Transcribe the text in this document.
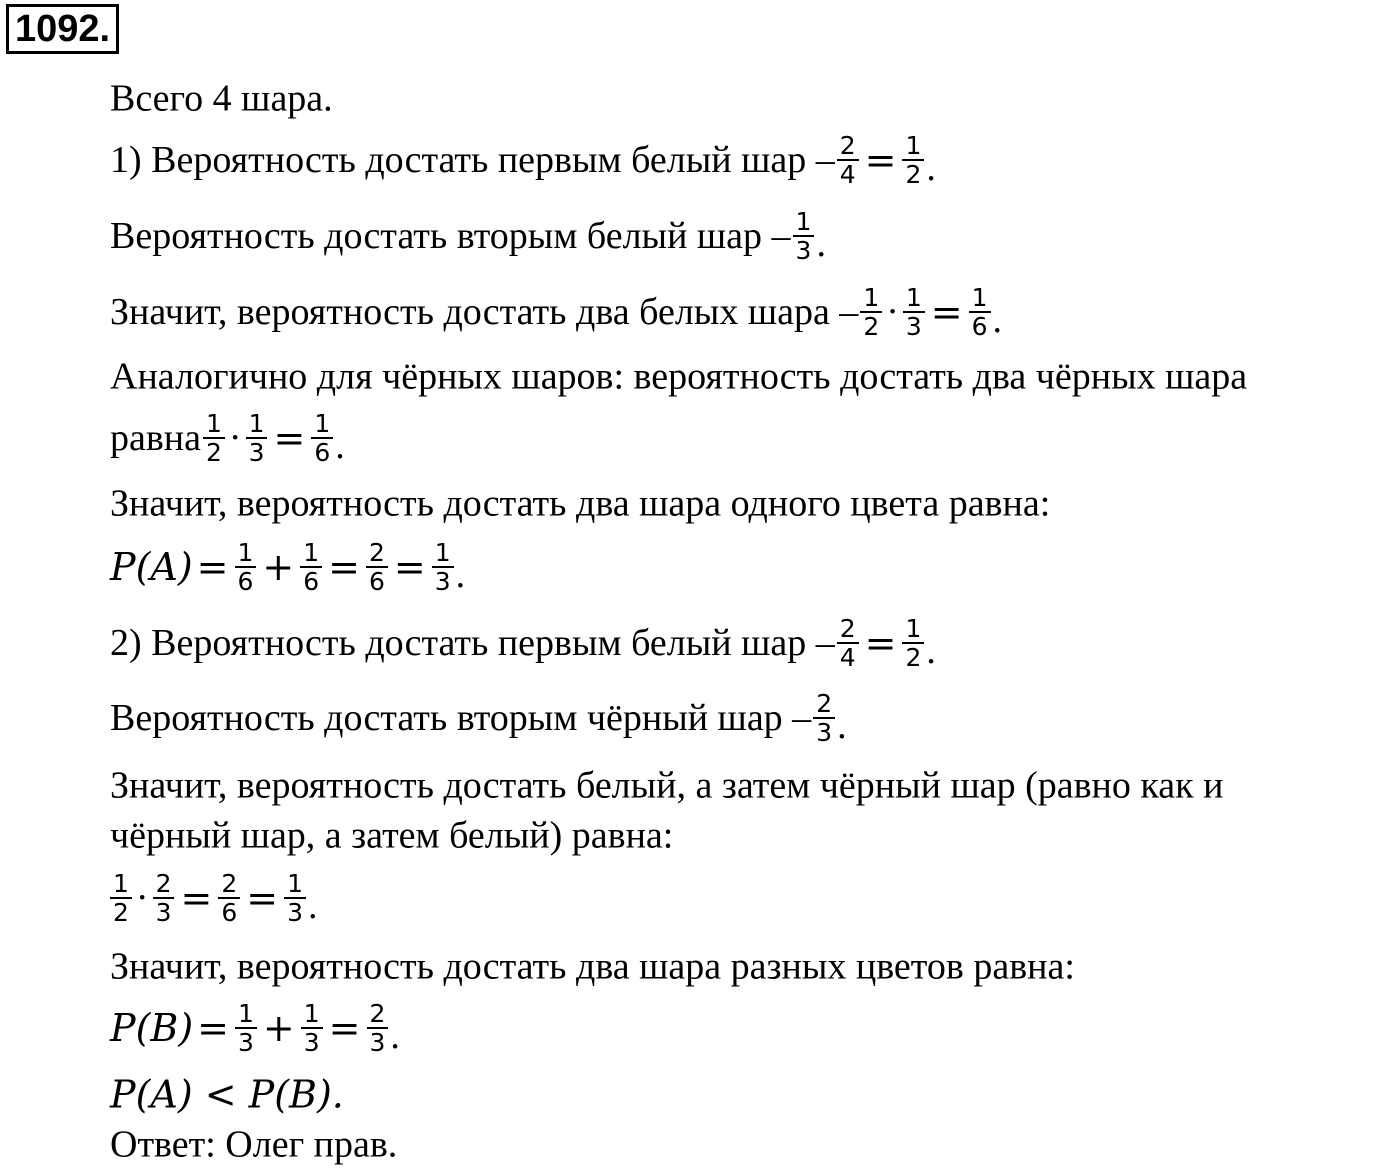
1092.
Всего 4 шара.
1) Вероятность достать первым белый шар – $\frac{2}{4} = \frac{1}{2}$ .
Вероятность достать вторым белый шар – $\frac{1}{3}$ .
Значит, вероятность достать два белых шара – $\frac{1}{2} \cdot \frac{1}{3} = \frac{1}{6}$ .
Аналогично для чёрных шаров: вероятность достать два чёрных шара
равна $\frac{1}{2} \cdot \frac{1}{3} = \frac{1}{6}$ .
Значит, вероятность достать два шара одного цвета равна:
$P(A) = \frac{1}{6} + \frac{1}{6} = \frac{2}{6} = \frac{1}{3}$ .
2) Вероятность достать первым белый шар – $\frac{2}{4} = \frac{1}{2}$ .
Вероятность достать вторым чёрный шар – $\frac{2}{3}$ .
Значит, вероятность достать белый, а затем чёрный шар (равно как и
чёрный шар, а затем белый) равна:
$\frac{1}{2} \cdot \frac{2}{3} = \frac{2}{6} = \frac{1}{3}$ .
Значит, вероятность достать два шара разных цветов равна:
$P(B) = \frac{1}{3} + \frac{1}{3} = \frac{2}{3}$ .
P(A) < P(B).
Ответ: Олег прав.
